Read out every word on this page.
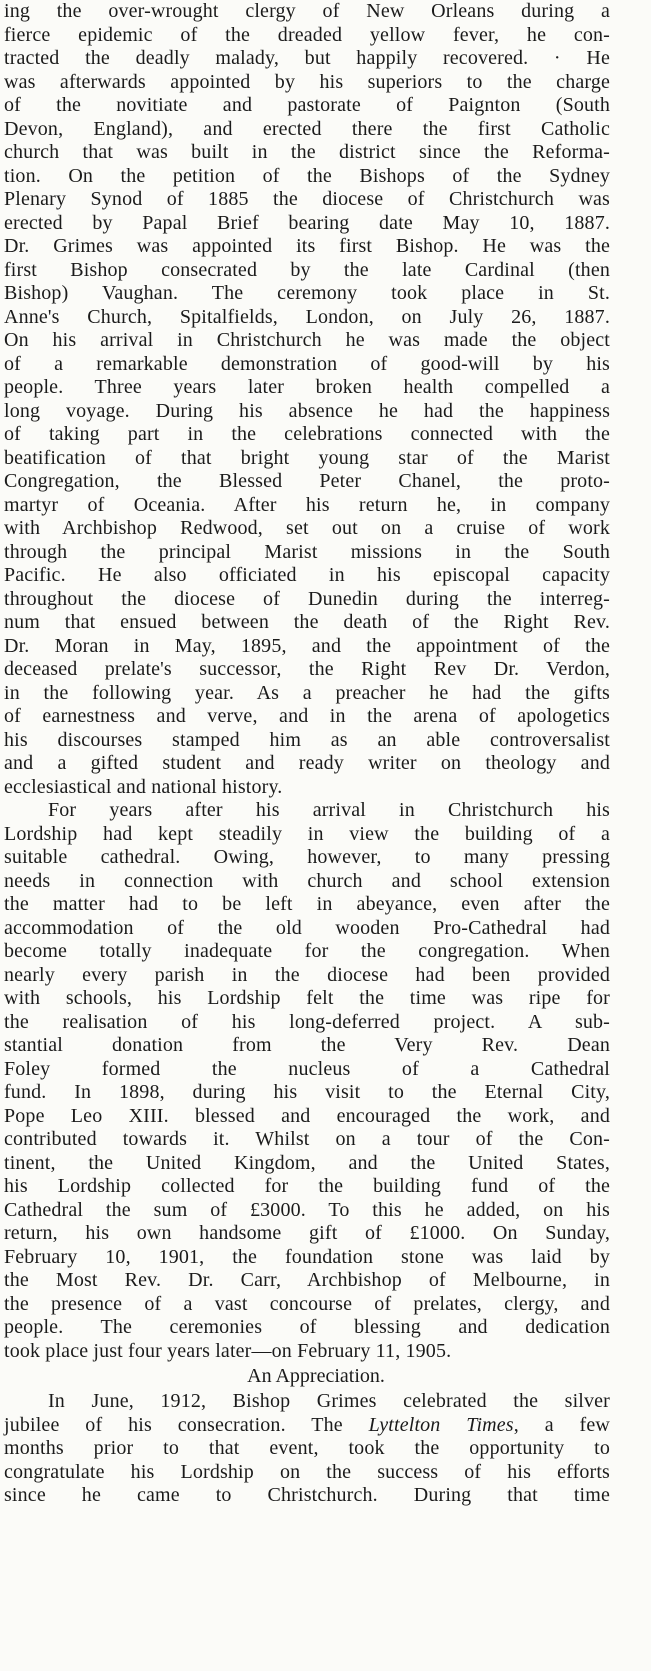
ing the over-wrought clergy of New Orleans during a
fierce epidemic of the dreaded yellow fever, he con-
tracted the deadly malady, but happily recovered. · He
was afterwards appointed by his superiors to the charge
of the novitiate and pastorate of Paignton (South
Devon, England), and erected there the first Catholic
church that was built in the district since the Reforma-
tion. On the petition of the Bishops of the Sydney
Plenary Synod of 1885 the diocese of Christchurch was
erected by Papal Brief bearing date May 10, 1887.
Dr. Grimes was appointed its first Bishop. He was the
first Bishop consecrated by the late Cardinal (then
Bishop) Vaughan. The ceremony took place in St.
Anne's Church, Spitalfields, London, on July 26, 1887.
On his arrival in Christchurch he was made the object
of a remarkable demonstration of good-will by his
people. Three years later broken health compelled a
long voyage. During his absence he had the happiness
of taking part in the celebrations connected with the
beatification of that bright young star of the Marist
Congregation, the Blessed Peter Chanel, the proto-
martyr of Oceania. After his return he, in company
with Archbishop Redwood, set out on a cruise of work
through the principal Marist missions in the South
Pacific. He also officiated in his episcopal capacity
throughout the diocese of Dunedin during the interreg-
num that ensued between the death of the Right Rev.
Dr. Moran in May, 1895, and the appointment of the
deceased prelate's successor, the Right Rev Dr. Verdon,
in the following year. As a preacher he had the gifts
of earnestness and verve, and in the arena of apologetics
his discourses stamped him as an able controversalist
and a gifted student and ready writer on theology and
ecclesiastical and national history.
For years after his arrival in Christchurch his
Lordship had kept steadily in view the building of a
suitable cathedral. Owing, however, to many pressing
needs in connection with church and school extension
the matter had to be left in abeyance, even after the
accommodation of the old wooden Pro-Cathedral had
become totally inadequate for the congregation. When
nearly every parish in the diocese had been provided
with schools, his Lordship felt the time was ripe for
the realisation of his long-deferred project. A sub-
stantial donation from the Very Rev. Dean
Foley formed the nucleus of a Cathedral
fund. In 1898, during his visit to the Eternal City,
Pope Leo XIII. blessed and encouraged the work, and
contributed towards it. Whilst on a tour of the Con-
tinent, the United Kingdom, and the United States,
his Lordship collected for the building fund of the
Cathedral the sum of £3000. To this he added, on his
return, his own handsome gift of £1000. On Sunday,
February 10, 1901, the foundation stone was laid by
the Most Rev. Dr. Carr, Archbishop of Melbourne, in
the presence of a vast concourse of prelates, clergy, and
people. The ceremonies of blessing and dedication
took place just four years later—on February 11, 1905.
An Appreciation.
In June, 1912, Bishop Grimes celebrated the silver
jubilee of his consecration. The Lyttelton Times, a few
months prior to that event, took the opportunity to
congratulate his Lordship on the success of his efforts
since he came to Christchurch. During that time
